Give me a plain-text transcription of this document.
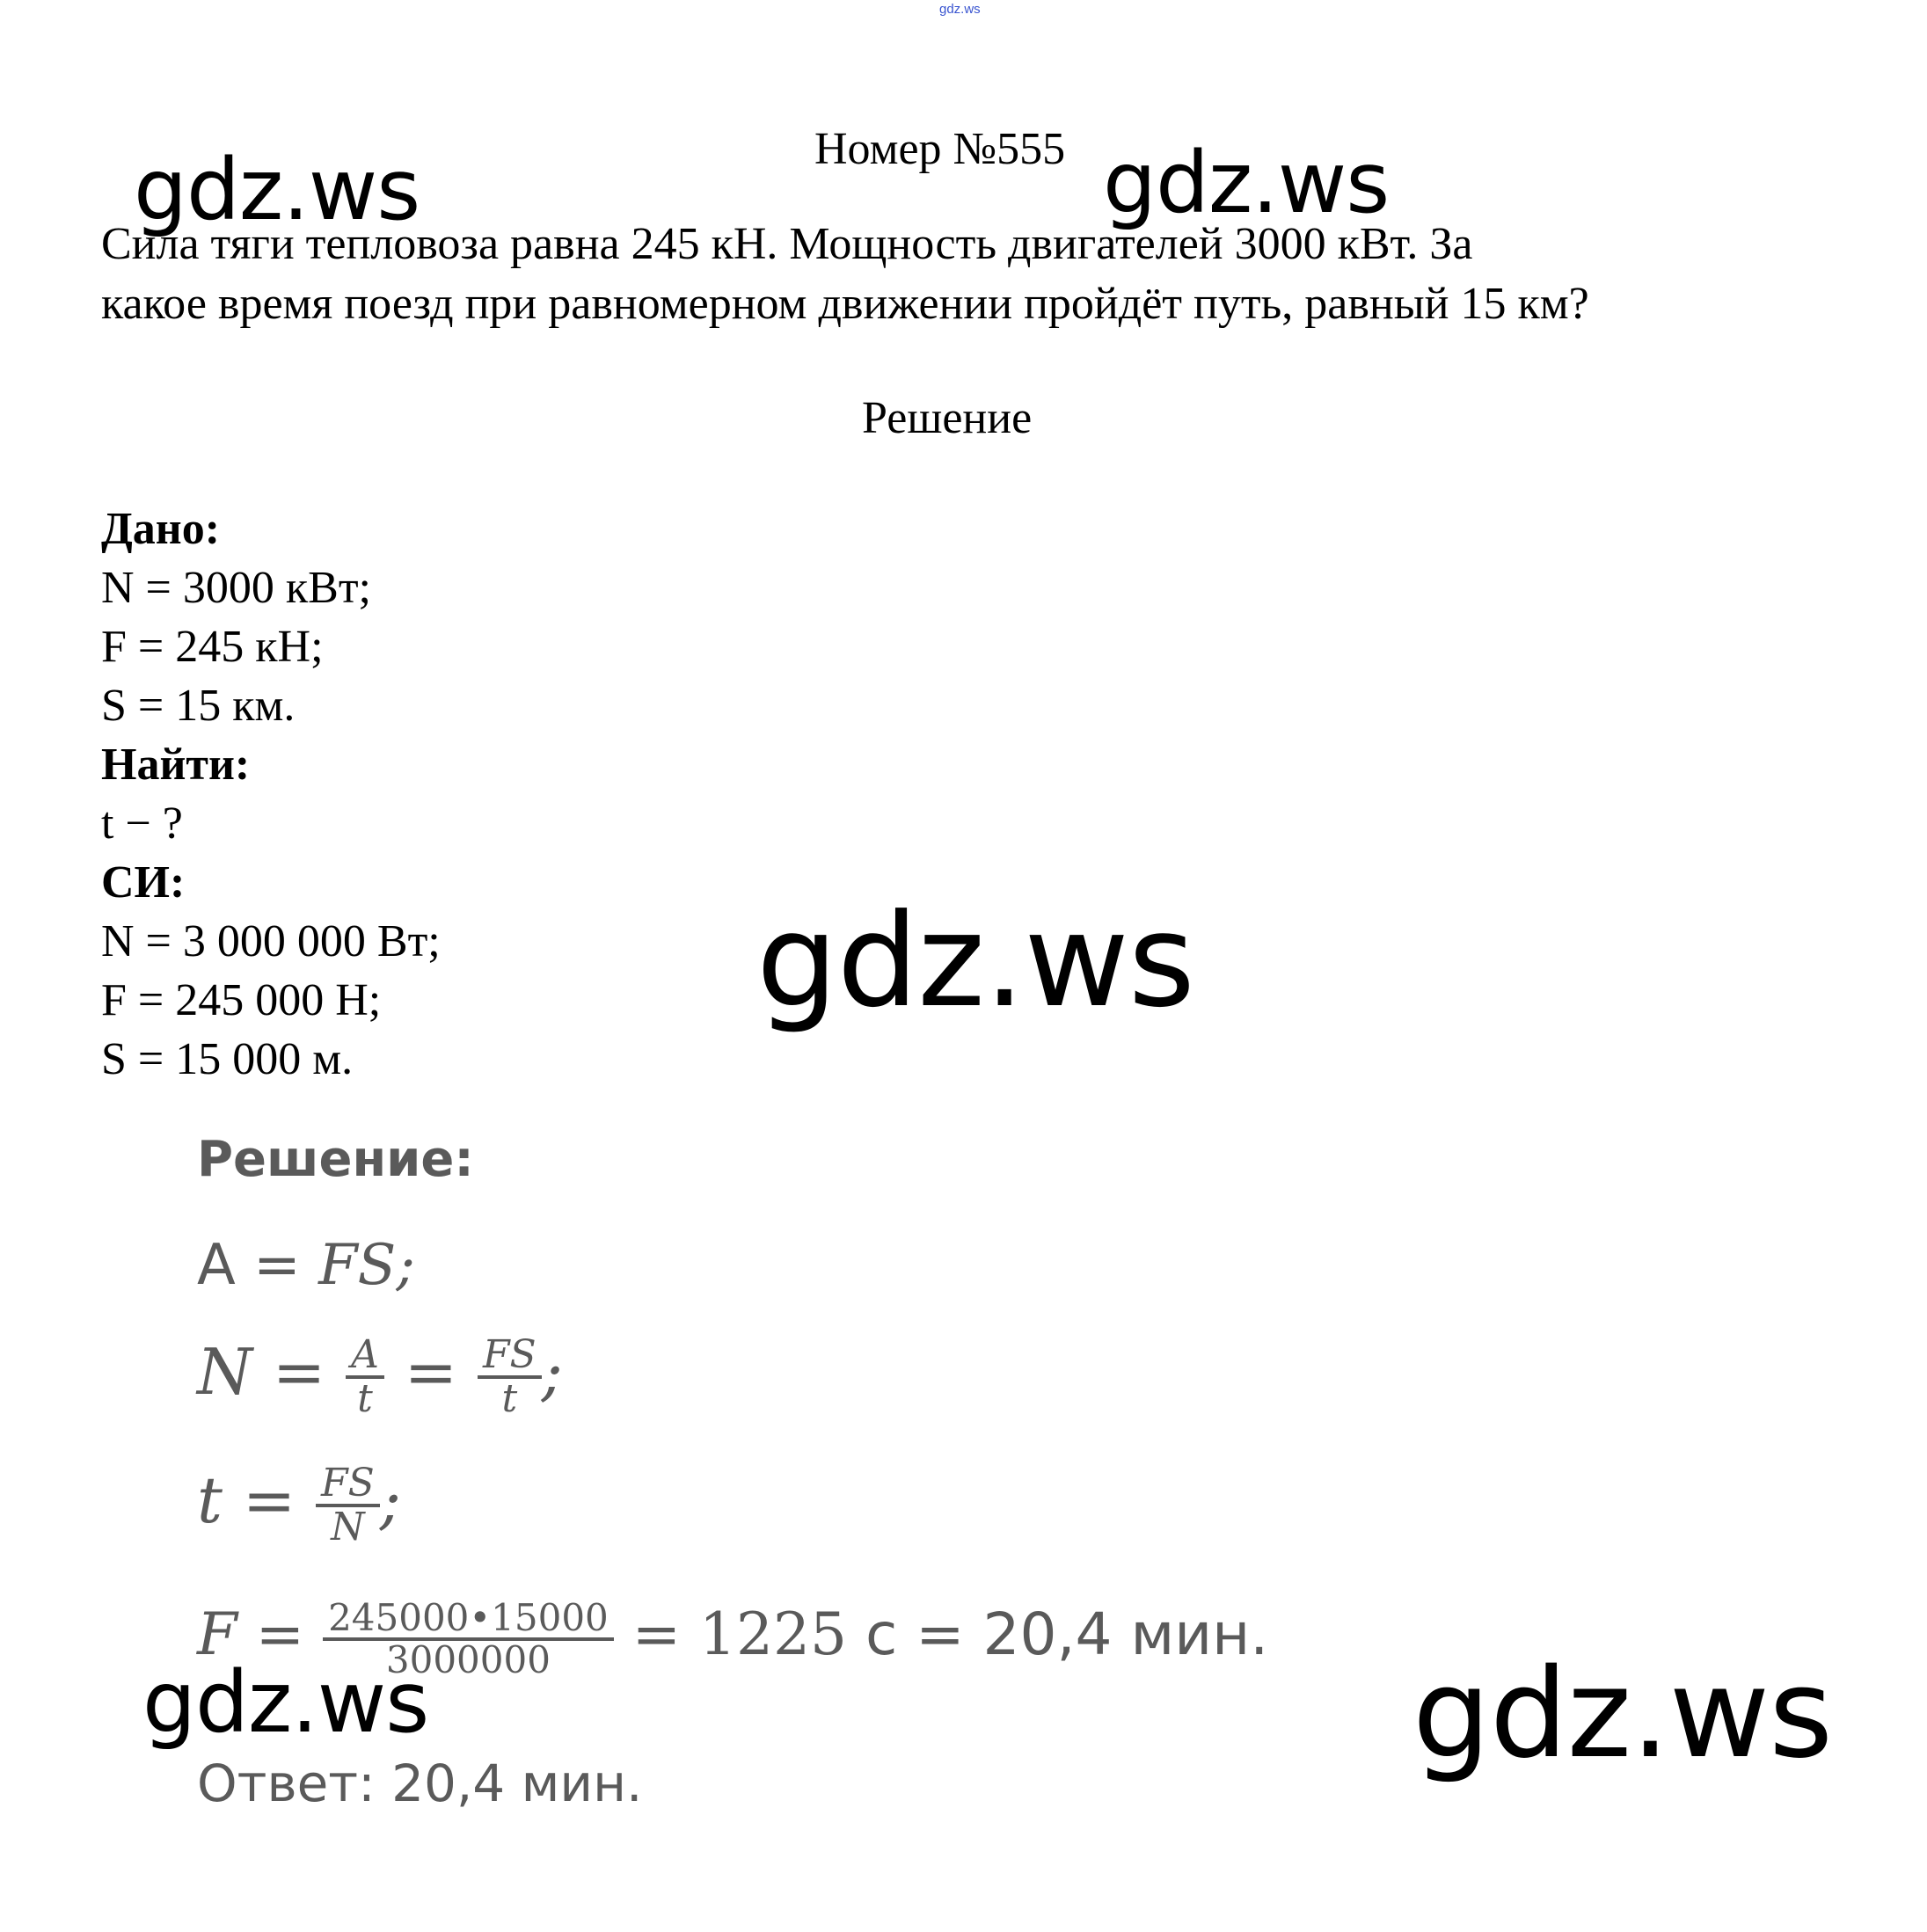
gdz.ws
Номер №555
gdz.ws	gdz.ws
Сила тяги тепловоза равна 245 кН. Мощность двигателей 3000 кВт. За
какое время поезд при равномерном движении пройдёт путь, равный 15 км?
Решение
Дано:
N = 3000 кВт;
F = 245 кН;
S = 15 км.
Найти:
t − ?
СИ:
N = 3 000 000 Вт;
F = 245 000 Н;
S = 15 000 м.
gdz.ws
Решение:
A = FS;
$N = \frac{A}{t} = \frac{FS}{t}$ ;
$t = \frac{FS}{N}$ ;
$F = \frac{245000•15000}{3000000} = 1225$ с = 20,4 мин.
gdz.ws
Ответ: 20,4 мин.	gdz.ws
